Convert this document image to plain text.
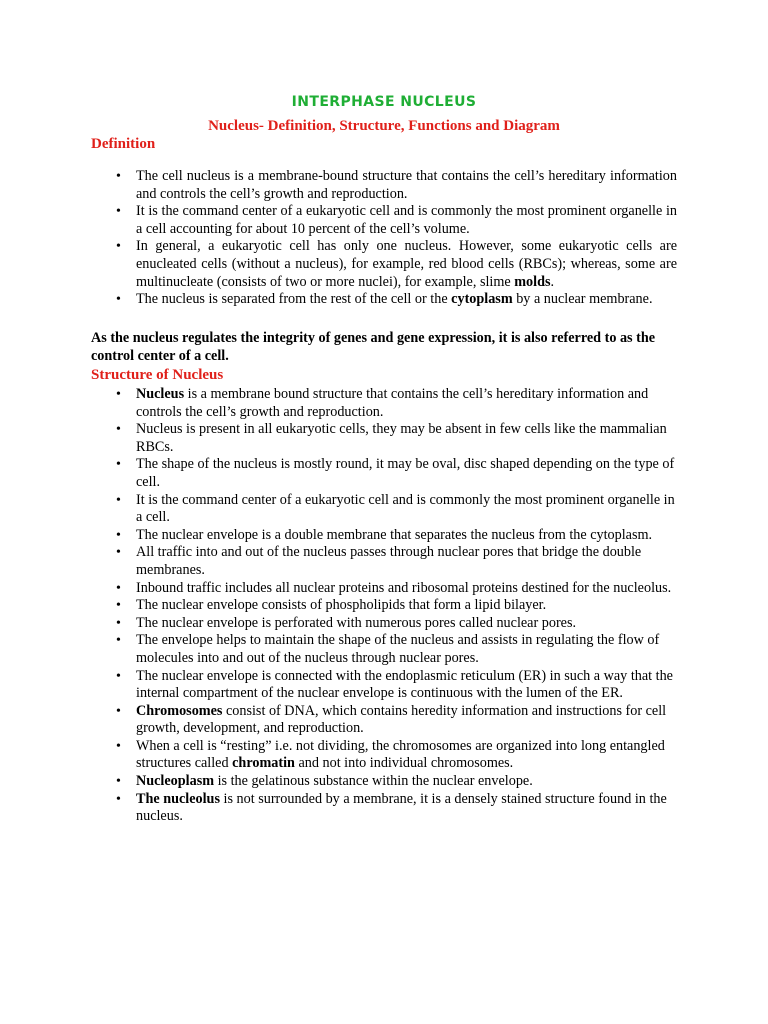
INTERPHASE NUCLEUS
Nucleus- Definition, Structure, Functions and Diagram
Definition
• The cell nucleus is a membrane-bound structure that contains the cell’s hereditary information and controls the cell’s growth and reproduction.
• It is the command center of a eukaryotic cell and is commonly the most prominent organelle in a cell accounting for about 10 percent of the cell’s volume.
• In general, a eukaryotic cell has only one nucleus. However, some eukaryotic cells are enucleated cells (without a nucleus), for example, red blood cells (RBCs); whereas, some are multinucleate (consists of two or more nuclei), for example, slime molds.
• The nucleus is separated from the rest of the cell or the cytoplasm by a nuclear membrane.
As the nucleus regulates the integrity of genes and gene expression, it is also referred to as the control center of a cell.
Structure of Nucleus
• Nucleus is a membrane bound structure that contains the cell’s hereditary information and controls the cell’s growth and reproduction.
• Nucleus is present in all eukaryotic cells, they may be absent in few cells like the mammalian RBCs.
• The shape of the nucleus is mostly round, it may be oval, disc shaped depending on the type of cell.
• It is the command center of a eukaryotic cell and is commonly the most prominent organelle in a cell.
• The nuclear envelope is a double membrane that separates the nucleus from the cytoplasm.
• All traffic into and out of the nucleus passes through nuclear pores that bridge the double membranes.
• Inbound traffic includes all nuclear proteins and ribosomal proteins destined for the nucleolus.
• The nuclear envelope consists of phospholipids that form a lipid bilayer.
• The nuclear envelope is perforated with numerous pores called nuclear pores.
• The envelope helps to maintain the shape of the nucleus and assists in regulating the flow of molecules into and out of the nucleus through nuclear pores.
• The nuclear envelope is connected with the endoplasmic reticulum (ER) in such a way that the internal compartment of the nuclear envelope is continuous with the lumen of the ER.
• Chromosomes consist of DNA, which contains heredity information and instructions for cell growth, development, and reproduction.
• When a cell is “resting” i.e. not dividing, the chromosomes are organized into long entangled structures called chromatin and not into individual chromosomes.
• Nucleoplasm is the gelatinous substance within the nuclear envelope.
• The nucleolus is not surrounded by a membrane, it is a densely stained structure found in the nucleus.
